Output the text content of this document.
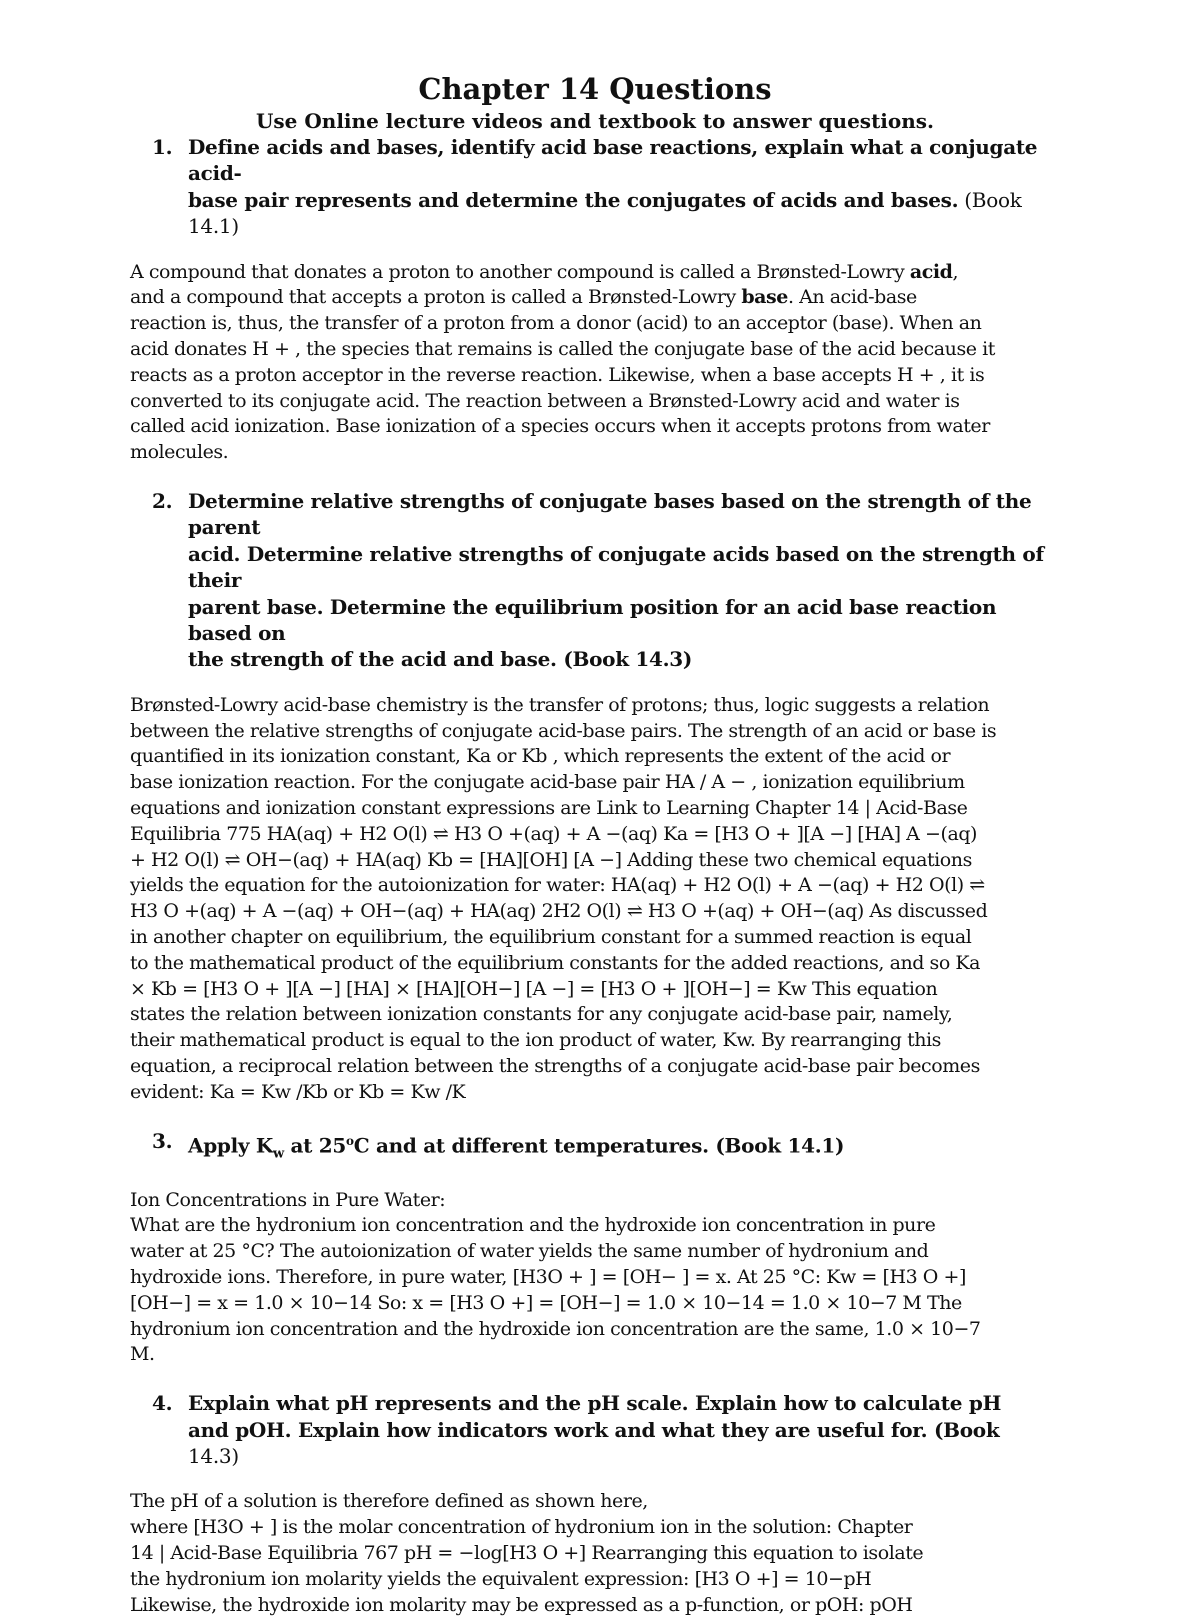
Chapter 14 Questions

Use Online lecture videos and textbook to answer questions.

1. Define acids and bases, identify acid base reactions, explain what a conjugate acid-
base pair represents and determine the conjugates of acids and bases. (Book 14.1)
A compound that donates a proton to another compound is called a Brønsted-Lowry acid,
and a compound that accepts a proton is called a Brønsted-Lowry base. An acid-base
reaction is, thus, the transfer of a proton from a donor (acid) to an acceptor (base). When an
acid donates H + , the species that remains is called the conjugate base of the acid because it
reacts as a proton acceptor in the reverse reaction. Likewise, when a base accepts H + , it is
converted to its conjugate acid. The reaction between a Brønsted-Lowry acid and water is
called acid ionization. Base ionization of a species occurs when it accepts protons from water
molecules.
2. Determine relative strengths of conjugate bases based on the strength of the parent
acid. Determine relative strengths of conjugate acids based on the strength of their
parent base. Determine the equilibrium position for an acid base reaction based on
the strength of the acid and base. (Book 14.3)
Brønsted-Lowry acid-base chemistry is the transfer of protons; thus, logic suggests a relation
between the relative strengths of conjugate acid-base pairs. The strength of an acid or base is
quantified in its ionization constant, Ka or Kb , which represents the extent of the acid or
base ionization reaction. For the conjugate acid-base pair HA / A − , ionization equilibrium
equations and ionization constant expressions are Link to Learning Chapter 14 | Acid-Base
Equilibria 775 HA(aq) + H2 O(l) ⇌ H3 O +(aq) + A −(aq) Ka = [H3 O + ][A −] [HA] A −(aq)
+ H2 O(l) ⇌ OH−(aq) + HA(aq) Kb = [HA][OH] [A −] Adding these two chemical equations
yields the equation for the autoionization for water: HA(aq) + H2 O(l) + A −(aq) + H2 O(l) ⇌
H3 O +(aq) + A −(aq) + OH−(aq) + HA(aq) 2H2 O(l) ⇌ H3 O +(aq) + OH−(aq) As discussed
in another chapter on equilibrium, the equilibrium constant for a summed reaction is equal
to the mathematical product of the equilibrium constants for the added reactions, and so Ka
× Kb = [H3 O + ][A −] [HA] × [HA][OH−] [A −] = [H3 O + ][OH−] = Kw This equation
states the relation between ionization constants for any conjugate acid-base pair, namely,
their mathematical product is equal to the ion product of water, Kw. By rearranging this
equation, a reciprocal relation between the strengths of a conjugate acid-base pair becomes
evident: Ka = Kw /Kb or Kb = Kw /K
3. Apply $K_w$ at 25$^o$C and at different temperatures. (Book 14.1)
Ion Concentrations in Pure Water:
What are the hydronium ion concentration and the hydroxide ion concentration in pure
water at 25 °C? The autoionization of water yields the same number of hydronium and
hydroxide ions. Therefore, in pure water, [H3O + ] = [OH− ] = x. At 25 °C: Kw = [H3 O +]
[OH−] = x = 1.0 × 10−14 So: x = [H3 O +] = [OH−] = 1.0 × 10−14 = 1.0 × 10−7 M The
hydronium ion concentration and the hydroxide ion concentration are the same, 1.0 × 10−7
M.
4. Explain what pH represents and the pH scale. Explain how to calculate pH
and pOH. Explain how indicators work and what they are useful for. (Book
14.3)
The pH of a solution is therefore defined as shown here,
where [H3O + ] is the molar concentration of hydronium ion in the solution: Chapter
14 | Acid-Base Equilibria 767 pH = −log[H3 O +] Rearranging this equation to isolate
the hydronium ion molarity yields the equivalent expression: [H3 O +] = 10−pH
Likewise, the hydroxide ion molarity may be expressed as a p-function, or pOH: pOH
